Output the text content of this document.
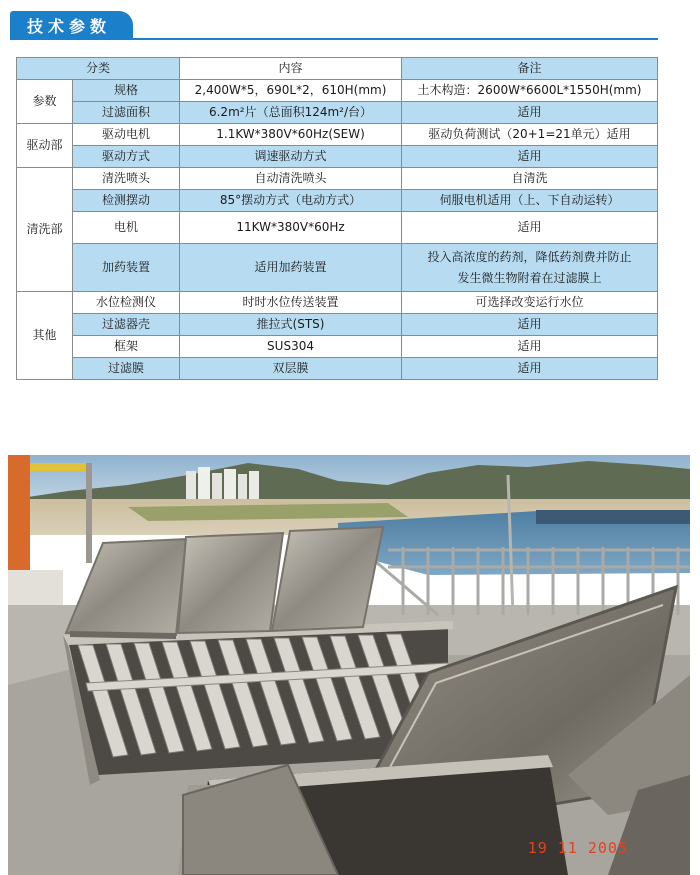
技术参数
分类		内容	备注
参数	规格	2,400W*5，690L*2，610H(mm)	土木构造：2600W*6600L*1550H(mm)
	过滤面积	6.2m²片（总面积124m²/台）	适用
驱动部	驱动电机	1.1KW*380V*60Hz(SEW)	驱动负荷测试（20+1=21单元）适用
	驱动方式	调速驱动方式	适用
清洗部	清洗喷头	自动清洗喷头	自清洗
	检测摆动	85°摆动方式（电动方式）	伺服电机适用（上、下自动运转）
	电机	11KW*380V*60Hz	适用
	加药装置	适用加药装置	投入高浓度的药剂，降低药剂费并防止
发生微生物附着在过滤膜上

其他	水位检测仪	时时水位传送装置	可选择改变运行水位
	过滤器壳	推拉式(STS)	适用
	框架	SUS304	适用
	过滤膜	双层膜	适用
19 11 2005
